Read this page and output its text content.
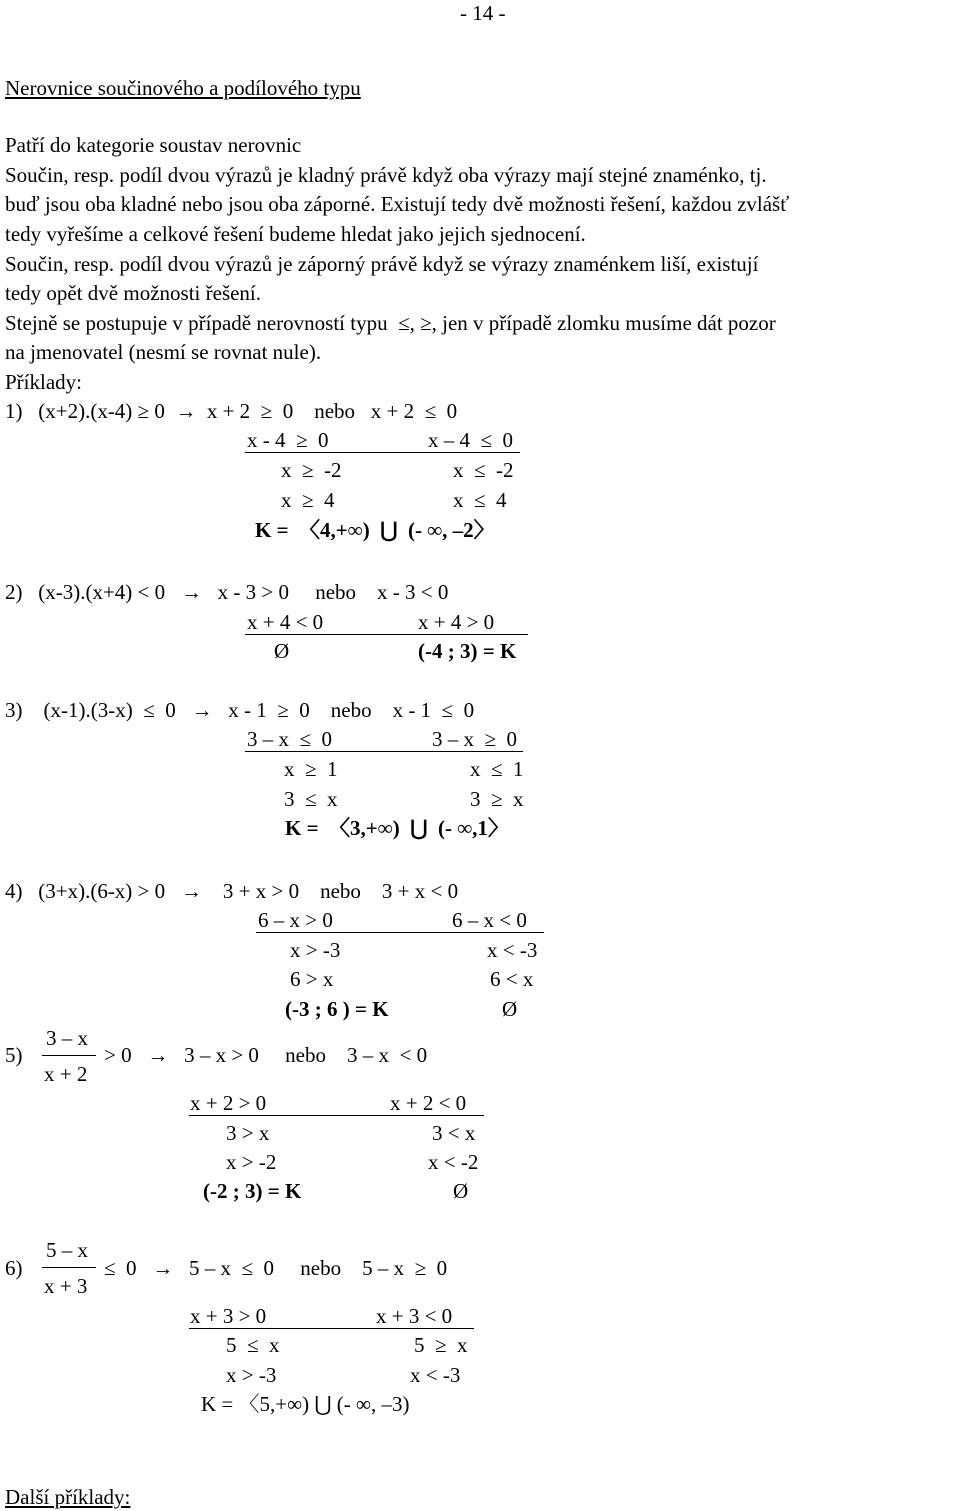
- 14 -
Nerovnice součinového a podílového typu
Patří do kategorie soustav nerovnic
Součin, resp. podíl dvou výrazů je kladný právě když oba výrazy mají stejné znaménko, tj.
buď jsou oba kladné nebo jsou oba záporné. Existují tedy dvě možnosti řešení, každou zvlášť
tedy vyřešíme a celkové řešení budeme hledat jako jejich sjednocení.
Součin, resp. podíl dvou výrazů je záporný právě když se výrazy znaménkem liší, existují
tedy opět dvě možnosti řešení.
Stejně se postupuje v případě nerovností typu  ≤, ≥, jen v případě zlomku musíme dát pozor
na jmenovatel (nesmí se rovnat nule).
Příklady:
1)   (x+2).(x-4) ≥ 0  →  x + 2  ≥  0    nebo   x + 2  ≤  0
x - 4  ≥  0	x – 4  ≤  0
x  ≥  -2	x  ≤  -2
x  ≥  4	x  ≤  4
K =  〈4,+∞)  ⋃  (- ∞, –2〉
2)   (x-3).(x+4) < 0   →   x - 3 > 0     nebo    x - 3 < 0
x + 4 < 0	x + 4 > 0
Ø	(-4 ; 3) = K
3)    (x-1).(3-x)  ≤  0   →   x - 1  ≥  0    nebo    x - 1  ≤  0
3 – x  ≤  0	3 – x  ≥  0
x  ≥  1	x  ≤  1
3  ≤  x	3  ≥  x
K =  〈3,+∞)  ⋃  (- ∞,1〉
4)   (3+x).(6-x) > 0   →    3 + x > 0    nebo    3 + x < 0
6 – x > 0	6 – x < 0
x > -3	x < -3
6 > x	6 < x
(-3 ; 6 ) = K	Ø
5)
3 – x
x + 2
> 0   →   3 – x > 0     nebo    3 – x  < 0
x + 2 > 0	x + 2 < 0
3 > x	3 < x
x > -2	x < -2
(-2 ; 3) = K	Ø
6)
5 – x
x + 3
≤  0   →   5 – x  ≤  0     nebo    5 – x  ≥  0
x + 3 > 0	x + 3 < 0
5  ≤  x	5  ≥  x
x > -3	x < -3
K = 〈5,+∞) ⋃ (- ∞, –3)
Další příklady:
